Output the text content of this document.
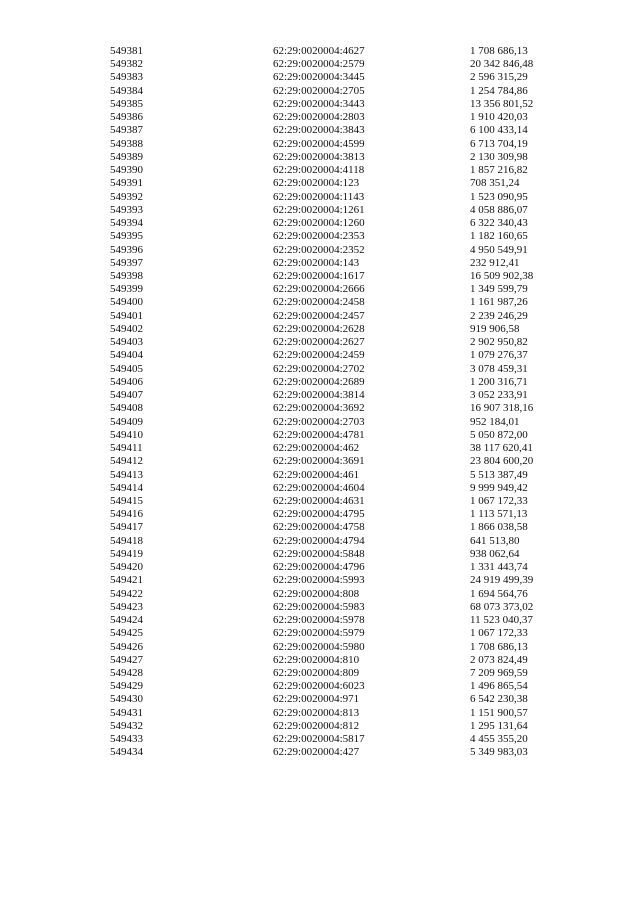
549381	62:29:0020004:4627	1 708 686,13
549382	62:29:0020004:2579	20 342 846,48
549383	62:29:0020004:3445	2 596 315,29
549384	62:29:0020004:2705	1 254 784,86
549385	62:29:0020004:3443	13 356 801,52
549386	62:29:0020004:2803	1 910 420,03
549387	62:29:0020004:3843	6 100 433,14
549388	62:29:0020004:4599	6 713 704,19
549389	62:29:0020004:3813	2 130 309,98
549390	62:29:0020004:4118	1 857 216,82
549391	62:29:0020004:123	708 351,24
549392	62:29:0020004:1143	1 523 090,95
549393	62:29:0020004:1261	4 058 886,07
549394	62:29:0020004:1260	6 322 340,43
549395	62:29:0020004:2353	1 182 160,65
549396	62:29:0020004:2352	4 950 549,91
549397	62:29:0020004:143	232 912,41
549398	62:29:0020004:1617	16 509 902,38
549399	62:29:0020004:2666	1 349 599,79
549400	62:29:0020004:2458	1 161 987,26
549401	62:29:0020004:2457	2 239 246,29
549402	62:29:0020004:2628	919 906,58
549403	62:29:0020004:2627	2 902 950,82
549404	62:29:0020004:2459	1 079 276,37
549405	62:29:0020004:2702	3 078 459,31
549406	62:29:0020004:2689	1 200 316,71
549407	62:29:0020004:3814	3 052 233,91
549408	62:29:0020004:3692	16 907 318,16
549409	62:29:0020004:2703	952 184,01
549410	62:29:0020004:4781	5 050 872,00
549411	62:29:0020004:462	38 117 620,41
549412	62:29:0020004:3691	23 804 600,20
549413	62:29:0020004:461	5 513 387,49
549414	62:29:0020004:4604	9 999 949,42
549415	62:29:0020004:4631	1 067 172,33
549416	62:29:0020004:4795	1 113 571,13
549417	62:29:0020004:4758	1 866 038,58
549418	62:29:0020004:4794	641 513,80
549419	62:29:0020004:5848	938 062,64
549420	62:29:0020004:4796	1 331 443,74
549421	62:29:0020004:5993	24 919 499,39
549422	62:29:0020004:808	1 694 564,76
549423	62:29:0020004:5983	68 073 373,02
549424	62:29:0020004:5978	11 523 040,37
549425	62:29:0020004:5979	1 067 172,33
549426	62:29:0020004:5980	1 708 686,13
549427	62:29:0020004:810	2 073 824,49
549428	62:29:0020004:809	7 209 969,59
549429	62:29:0020004:6023	1 496 865,54
549430	62:29:0020004:971	6 542 230,38
549431	62:29:0020004:813	1 151 900,57
549432	62:29:0020004:812	1 295 131,64
549433	62:29:0020004:5817	4 455 355,20
549434	62:29:0020004:427	5 349 983,03
